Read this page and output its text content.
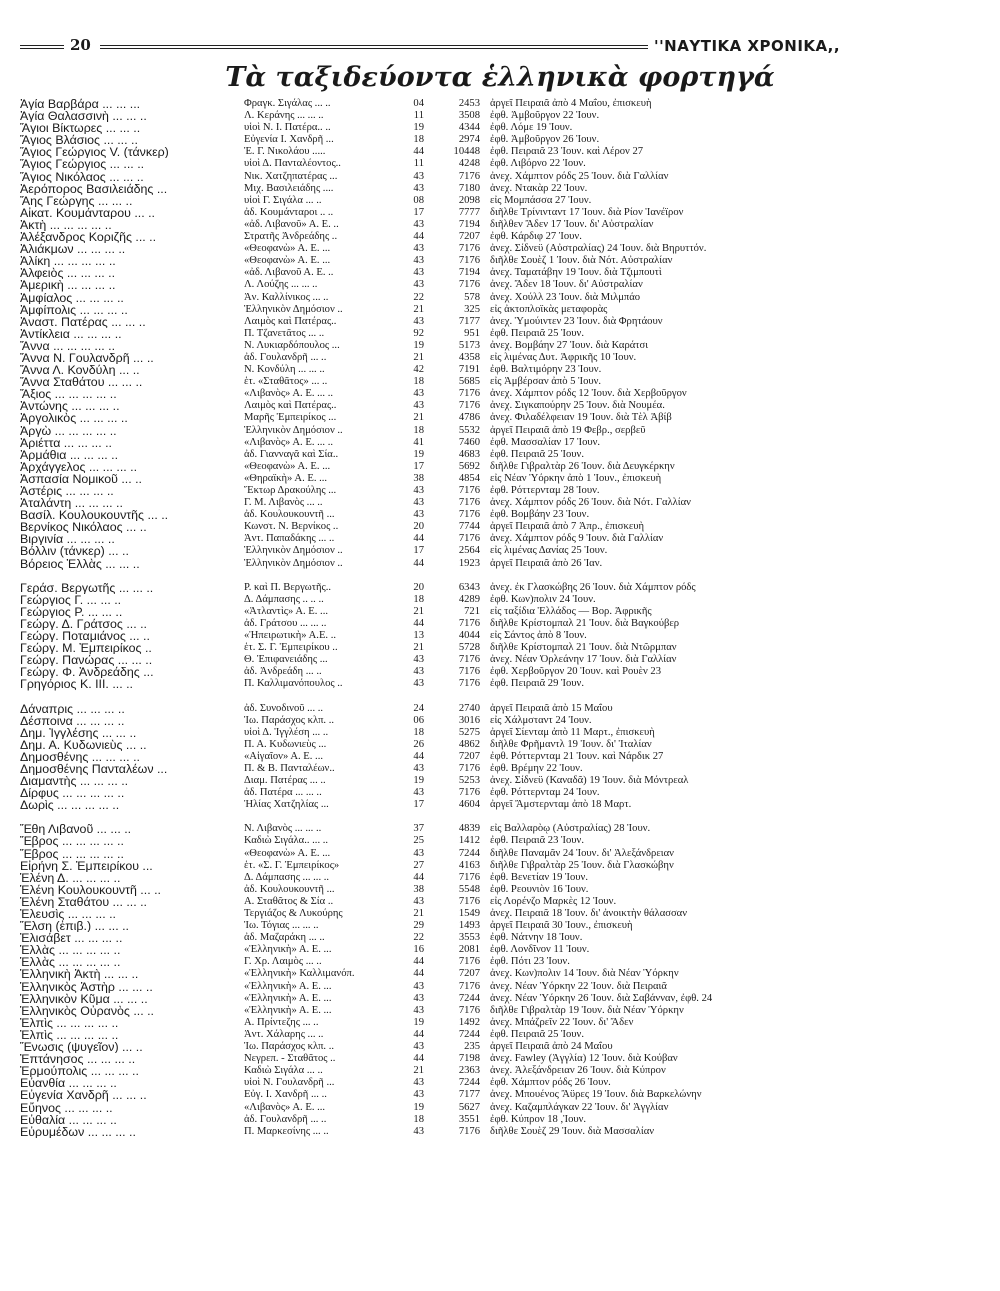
20	''ΝΑΥΤΙΚΑ ΧΡΟΝΙΚΑ,,
Τὰ ταξιδεύοντα ἑλληνικὰ φορτηγά
Ἁγία Βαρβάρα ... ... ...	Φραγκ. Σιγάλας ... ..	04	2453 ἀργεῖ Πειραιᾶ ἀπὸ 4 Μαΐου, ἐπισκευὴ
Ἁγία Θαλασσινὴ ... ... ..	Λ. Κεράνης ... ... ..	11	3508 ἐφθ. Ἀμβοῦργον 22 Ἰουν.
Ἅγιοι Βίκτωρες ... ... ..	υἱοὶ Ν. Ι. Πατέρα.. ..	19	4344 ἐφθ. Λόμε 19 Ἰουν.
Ἅγιος Βλάσιος ... ... ..	Εὐγενία Ι. Χανδρῆ ...	18	2974 ἐφθ. Ἀμβοῦργον 26 Ἰουν.
Ἅγιος Γεώργιος V. (τάνκερ)	Ἐ. Γ. Νικολάου .....	44	10448 ἐφθ. Πειραιᾶ 23 Ἰουν. καὶ Λέρον 27
Ἅγιος Γεώργιος ... ... ..	υἱοὶ Δ. Πανταλέοντος..	11	4248 ἐφθ. Λιβόρνο 22 Ἰουν.
Ἅγιος Νικόλαος ... ... ..	Νικ. Χατζηπατέρας ...	43	7176 ἀνεχ. Χάμπτον ρόδς 25 Ἰουν. διὰ Γαλλίαν
Ἀερόπορος Βασιλειάδης ...	Μιχ. Βασιλειάδης ....	43	7180 ἀνεχ. Ντακὰρ 22 Ἰουν.
Ἄης Γεώργης ... ... ..	υἱοὶ Γ. Σιγάλα ... ..	08	2098 εἰς Μομπάσσα 27 Ἰουν.
Αἰκατ. Κουμάνταρου ... ..	ἀδ. Κουμάνταροι .. ..	17	7777 διῆλθε Τρίνινταντ 17 Ἰουν. διὰ Ρίον Ἰανέϊρον
Ἀκτὴ ... ... ... ... ..	«ἀδ. Λιβανοῦ» Α. Ε. ..	43	7194 διῆλθεν Ἄδεν 17 Ἰουν. δι' Αὐστραλίαν
Ἀλέξανδρος Κοριζῆς ... ..	Στρατῆς Ἀνδρεάδης ..	44	7207 ἐφθ. Κάρδιφ 27 Ἰουν.
Ἀλιάκμων ... ... ... ..	«Θεοφανὼ» Α. Ε. ...	43	7176 ἀνεχ. Σίδνεϋ (Αὐστραλίας) 24 Ἰουν. διὰ Βηρυττόν.
Ἀλίκη ... ... ... ... ..	«Θεοφανὼ» Α. Ε. ...	43	7176 διῆλθε Σουὲζ 1 Ἰουν. διὰ Νότ. Αὐστραλίαν
Ἀλφειὸς ... ... ... ..	«ἀδ. Λιβανοῦ Α. Ε. ..	43	7194 ἀνεχ. Ταματάβην 19 Ἰουν. διὰ Τζιμπουτὶ
Ἀμερικὴ ... ... ... ..	Λ. Λούζης ... ... ..	43	7176 ἀνεχ. Ἄδεν 18 Ἰουν. δι' Αὐστραλίαν
Ἀμφίαλος ... ... ... ..	Ἀν. Καλλίνικος ... ..	22	578 ἀνεχ. Χούλλ 23 Ἰουν. διὰ Μιλμπάο
Ἀμφίπολις ... ... ... ..	Ἑλληνικὸν Δημόσιον ..	21	325 εἰς ἀκτοπλοϊκὰς μεταφορὰς
Ἀναστ. Πατέρας ... ... ..	Λαιμὸς καὶ Πατέρας..	43	7177 ἀνεχ. Ὑμούιντεν 23 Ἰουν. διὰ Φρητάουν
Ἀντίκλεια ... ... ... ..	Π. Τζανετᾶτος ... ..	92	951 ἐφθ. Πειραιᾶ 25 Ἰουν.
Ἄννα ... ... ... ... ..	Ν. Λυκιαρδόπουλος ...	19	5173 ἀνεχ. Βομβάην 27 Ἰουν. διὰ Καράτσι
Ἄννα Ν. Γουλανδρῆ ... ..	ἀδ. Γουλανδρῆ ... ..	21	4358 εἰς λιμένας Δυτ. Ἀφρικῆς 10 Ἰουν.
Ἄννα Λ. Κονδύλη ... ..	Ν. Κονδύλη ... ... ..	42	7191 ἐφθ. Βαλτιμόρην 23 Ἰουν.
Ἄννα Σταθάτου ... ... ..	ἑτ. «Σταθᾶτος» ... ..	18	5685 εἰς Ἀμβέρσαν ἀπὸ 5 Ἰουν.
Ἄξιος ... ... ... ... ..	«Λιβανὸς» Α. Ε. ... ..	43	7176 ἀνεχ. Χάμπτον ρόδς 12 Ἰουν. διὰ Χερβοῦργον
Ἀντώνης ... ... ... ..	Λαιμὸς καὶ Πατέρας..	43	7176 ἀνεχ. Σιγκαπούρην 25 Ἰουν. διὰ Νουμέα.
Ἀργολικὸς ... ... ... ..	Μαρῆς Ἐμπειρίκος ...	21	4786 ἀνεχ. Φιλαδέλφειαν 19 Ἰουν. διὰ Τὲλ Ἀβίβ
Ἀργὼ ... ... ... ... ..	Ἑλληνικὸν Δημόσιον ..	18	5532 ἀργεῖ Πειραιᾶ ἀπὸ 19 Φεβρ., σερβεῦ
Ἀριέττα ... ... ... ..	«Λιβανὸς» Α. Ε. ... ..	41	7460 ἐφθ. Μασσαλίαν 17 Ἰουν.
Ἀρμάθια ... ... ... ..	ἀδ. Γιανναγᾶ καὶ Σία..	19	4683 ἐφθ. Πειραιᾶ 25 Ἰουν.
Ἀρχάγγελος ... ... ... ..	«Θεοφανὼ» Α. Ε. ...	17	5692 διῆλθε Γιβραλτὰρ 26 Ἰουν. διὰ Δευγκέρκην
Ἀσπασία Νομικοῦ ... ..	«Θηραϊκὴ» Α. Ε. ...	38	4854 εἰς Νέαν Ὑόρκην ἀπὸ 1 Ἰουν., ἐπισκευὴ
Ἀστέρις ... ... ... ..	Ἕκτωρ Δρακούλης ...	43	7176 ἐφθ. Ρόττερνταμ 28 Ἰουν.
Ἀταλάντη ... ... ... ..	Γ. Μ. Λιβανὸς ... ..	43	7176 ἀνεχ. Χάμπτον ρόδς 26 Ἰουν. διὰ Νότ. Γαλλίαν
Βασίλ. Κουλουκουντῆς ... ..	ἀδ. Κουλουκουντῆ ...	43	7176 ἐφθ. Βομβάην 23 Ἰουν.
Βερνίκος Νικόλαος ... ..	Κωνστ. Ν. Βερνίκος ..	20	7744 ἀργεῖ Πειραιᾶ ἀπὸ 7 Ἀπρ., ἐπισκευὴ
Βιργινία ... ... ... ..	Ἀντ. Παπαδάκης ... ..	44	7176 ἀνεχ. Χάμπτον ρόδς 9 Ἰουν. διὰ Γαλλίαν
Βόλλιν (τάνκερ) ... ..	Ἑλληνικὸν Δημόσιον ..	17	2564 εἰς λιμένας Δανίας 25 Ἰουν.
Βόρειος Ἑλλὰς ... ... ..	Ἑλληνικὸν Δημόσιον ..	44	1923 ἀργεῖ Πειραιᾶ ἀπὸ 26 Ἰαν.
Γεράσ. Βεργωτῆς ... ... ..	Ρ. καὶ Π. Βεργωτῆς..	20	6343 ἀνεχ. ἐκ Γλασκώβης 26 Ἰουν. διὰ Χάμπτον ρόδς
Γεώργιος Γ. ... ... ..	Δ. Δάμπασης .. .. ..	18	4289 ἐφθ. Κων)πολιν 24 Ἰουν.
Γεώργιος Ρ. ... ... ..	«Ἀτλαντὶς» Α. Ε. ...	21	721 εἰς ταξίδια Ἑλλάδος — Βορ. Ἀφρικῆς
Γεώργ. Δ. Γράτσος ... ..	ἀδ. Γράτσου ... ... ..	44	7176 διῆλθε Κρίστομπαλ 21 Ἰουν. διὰ Βαγκούβερ
Γεώργ. Ποταμιάνος ... ..	«Ἠπειρωτικὴ» Α.Ε. ..	13	4044 εἰς Σάντος ἀπὸ 8 Ἰουν.
Γεώργ. Μ. Ἐμπειρίκος ..	ἑτ. Σ. Γ. Ἐμπειρίκου ..	21	5728 διῆλθε Κρίστομπαλ 21 Ἰουν. διὰ Ντῶρμπαν
Γεώργ. Πανώρας ... ... ..	Θ. Ἐπιφανειάδης ...	43	7176 ἀνεχ. Νέαν Ὀρλεάνην 17 Ἰουν. διὰ Γαλλίαν
Γεώργ. Φ. Ἀνδρεάδης ...	ἀδ. Ἀνδρεάδη ... ..	43	7176 ἐφθ. Χερβοῦργον 20 Ἰουν. καὶ Ρουὲν 23
Γρηγόριος Κ. ΙΙΙ. ... ..	Π. Καλλιμανόπουλος ..	43	7176 ἐφθ. Πειραιᾶ 29 Ἰουν.
Δάναπρις ... ... ... ..	ἀδ. Συνοδινοῦ ... ..	24	2740 ἀργεῖ Πειραιᾶ ἀπὸ 15 Μαΐου
Δέσποινα ... ... ... ..	Ἰω. Παράσχος κλπ. ..	06	3016 εἰς Χάλμσταντ 24 Ἰουν.
Δημ. Ἰγγλέσης ... ... ..	υἱοὶ Δ. Ἰγγλέση ... ..	18	5275 ἀργεῖ Σίενταμ ἀπὸ 11 Μαρτ., ἐπισκευὴ
Δημ. Α. Κυδωνιεὺς ... ..	Π. Α. Κυδωνιεὺς ...	26	4862 διῆλθε Φρῆμαντλ 19 Ἰουν. δι' Ἰταλίαν
Δημοσθένης ... ... ... ..	«Αἰγαῖον» Α. Ε. ...	44	7207 ἐφθ. Ρόττερνταμ 21 Ἰουν. καὶ Νάρδικ 27
Δημοσθένης Πανταλέων ...	Π. & Β. Πανταλέων..	43	7176 ἐφθ. Βρέμην 22 Ἰουν.
Διαμαντὴς ... ... ... ..	Διαμ. Πατέρας ... ..	19	5253 ἀνεχ. Σίδνεϋ (Καναδᾶ) 19 Ἰουν. διὰ Μόντρεαλ
Δίρφυς ... ... ... ... ..	ἀδ. Πατέρα ... ... ..	43	7176 ἐφθ. Ρόττερνταμ 24 Ἰουν.
Δωρὶς ... ... ... ... ..	Ἠλίας Χατζηλίας ...	17	4604 ἀργεῖ Ἄμστερνταμ ἀπὸ 18 Μαρτ.
Ἔθη Λιβανοῦ ... ... ..	Ν. Λιβανὸς ... ... ..	37	4839 εἰς Βαλλαρὸῳ (Αὐστραλίας) 28 Ἰουν.
Ἔβρος ... ... ... ... ..	Καδιὼ Σιγάλα.. ... ..	25	1412 ἐφθ. Πειραιᾶ 23 Ἰουν.
Ἔβρος ... ... ... ... ..	«Θεοφανὼ» Α. Ε. ...	43	7244 διῆλθε Παναμᾶν 24 Ἰουν. δι' Ἀλεξάνδρειαν
Εἰρήνη Σ. Ἐμπειρίκου ...	ἑτ. «Σ. Γ. Ἐμπειρίκος»	27	4163 διῆλθε Γιβραλτὰρ 25 Ἰουν. διὰ Γλασκώβην
Ἑλένη Δ. ... ... ... ..	Δ. Δάμπασης ... ... ..	44	7176 ἐφθ. Βενετίαν 19 Ἰουν.
Ἑλένη Κουλουκουντῆ ... ..	ἀδ. Κουλουκουντῆ ...	38	5548 ἐφθ. Ρεουνιὸν 16 Ἰουν.
Ἑλένη Σταθάτου ... ... ..	Α. Σταθᾶτος & Σία ..	43	7176 εἰς Λορένζο Μαρκὲς 12 Ἰουν.
Ἐλευσὶς ... ... ... ..	Τεργιάζος & Λυκούρης	21	1549 ἀνεχ. Πειραιᾶ 18 Ἰουν. δι' ἀνοικτὴν θάλασσαν
Ἕλση (ἐπιβ.) ... ... ..	Ἰω. Τόγιας ... ... ..	29	1493 ἀργεῖ Πειραιᾶ 30 Ἰουν., ἐπισκευὴ
Ἐλισάβετ ... ... ... ..	ἀδ. Μαζαράκη ... ..	22	3553 ἐφθ. Νάτνην 18 Ἰουν.
Ἑλλὰς ... ... ... ... ..	«Ἑλληνικὴ» Α. Ε. ...	16	2081 ἐφθ. Λονδῖνον 11 Ἰουν.
Ἑλλὰς ... ... ... ... ..	Γ. Χρ. Λαιμὸς ... ..	44	7176 ἐφθ. Πότι 23 Ἰουν.
Ἑλληνικὴ Ἀκτὴ ... ... ..	«Ἑλληνικὴ» Καλλιμανόπ.	44	7207 ἀνεχ. Κων)πολιν 14 Ἰουν. διὰ Νέαν Ὑόρκην
Ἑλληνικὸς Ἀστὴρ ... ... ..	«Ἑλληνικὴ» Α. Ε. ...	43	7176 ἀνεχ. Νέαν Ὑόρκην 22 Ἰουν. διὰ Πειραιᾶ
Ἑλληνικὸν Κῦμα ... ... ..	«Ἑλληνικὴ» Α. Ε. ...	43	7244 ἀνεχ. Νέαν Ὑόρκην 26 Ἰουν. διὰ Σαβάνναν, ἐφθ. 24
Ἑλληνικὸς Οὐρανὸς ... ..	«Ἑλληνικὴ» Α. Ε. ...	43	7176 διῆλθε Γιβραλτὰρ 19 Ἰουν. διὰ Νέαν Ὑόρκην
Ἐλπὶς ... ... ... ... ..	Α. Πρίντεζης ... ..	19	1492 ἀνεχ. Μπάζρεῖν 22 Ἰουν. δι' Ἄδεν
Ἐλπὶς ... ... ... ... ..	Ἀντ. Χάλαρης ... ..	44	7244 ἐφθ. Πειραιᾶ 25 Ἰουν.
Ἕνωσις (ψυγεῖον) ... ..	Ἰω. Παράσχος κλπ. ..	43	235 ἀργεῖ Πειραιᾶ ἀπὸ 24 Μαΐου
Ἐπτάνησος ... ... ... ..	Νεγρεπ. - Σταθᾶτος ..	44	7198 ἀνεχ. Fawley (Ἀγγλία) 12 Ἰουν. διὰ Κούβαν
Ἐρμούπολις ... ... ... ..	Καδιὼ Σιγάλα ... ..	21	2363 ἀνεχ. Ἀλεξάνδρειαν 26 Ἰουν. διὰ Κύπρον
Εὐανθία ... ... ... ..	υἱοὶ Ν. Γουλανδρῆ ...	43	7244 ἐφθ. Χάμπτον ρόδς 26 Ἰουν.
Εὐγενία Χανδρῆ ... ... ..	Εὐγ. Ι. Χανδρῆ ... ..	43	7177 ἀνεχ. Μπουένος Ἄϋρες 19 Ἰουν. διὰ Βαρκελώνην
Εὔηνος ... ... ... ..	«Λιβανὸς» Α. Ε. ...	19	5627 ἀνεχ. Καζαμπλάγκαν 22 Ἰουν. δι' Ἀγγλίαν
Εὐθαλία ... ... ... ..	ἀδ. Γουλανδρῆ ... ..	18	3551 ἐφθ. Κύπρον 18 ,Ἰουν.
Εὐρυμέδων ... ... ... ..	Π. Μαρκεσίνης ... ..	43	7176 διῆλθε Σουὲζ 29 Ἰουν. διὰ Μασσαλίαν
